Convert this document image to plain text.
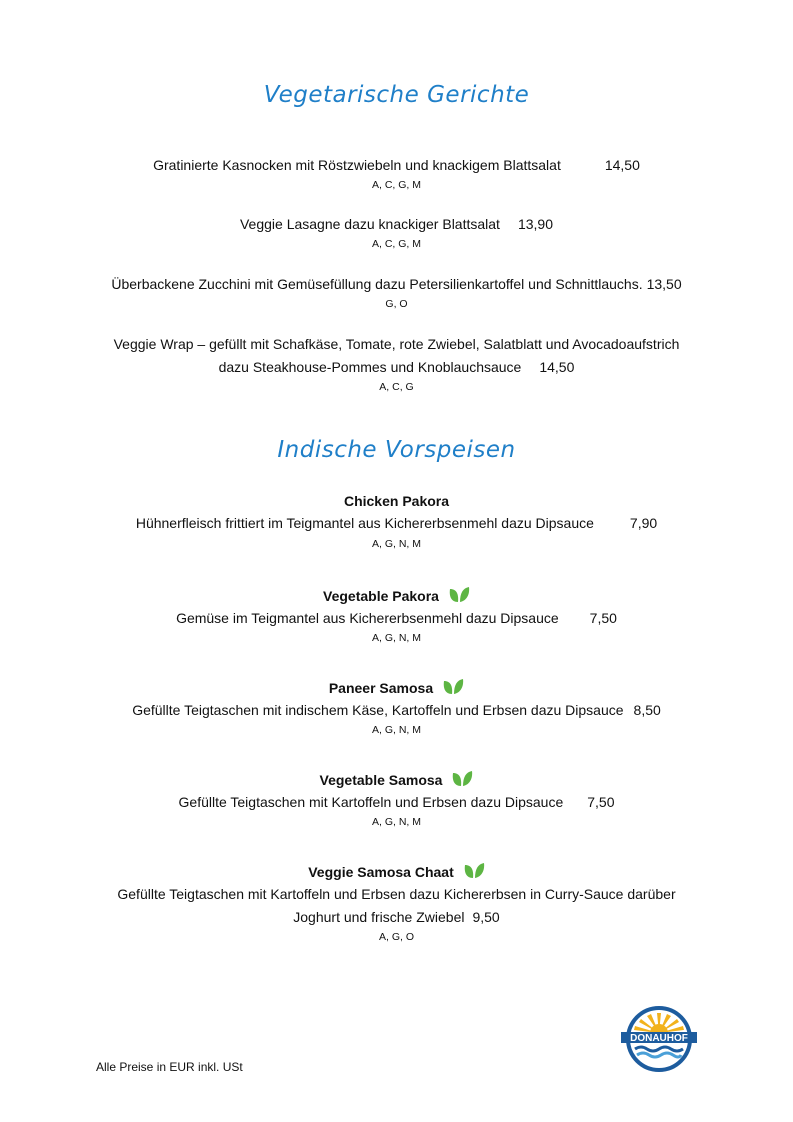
Vegetarische Gerichte
Gratinierte Kasnocken mit Röstzwiebeln und knackigem Blattsalat	14,50
A, C, G, M
Veggie Lasagne dazu knackiger Blattsalat 13,90
A, C, G, M
Überbackene Zucchini mit Gemüsefüllung dazu Petersilienkartoffel und Schnittlauchs. 13,50
G, O
Veggie Wrap – gefüllt mit Schafkäse, Tomate, rote Zwiebel, Salatblatt und Avocadoaufstrich
dazu Steakhouse-Pommes und Knoblauchsauce 14,50
A, C, G
Indische Vorspeisen
Chicken Pakora
Hühnerfleisch frittiert im Teigmantel aus Kichererbsenmehl dazu Dipsauce	7,90
A, G, N, M
Vegetable Pakora
Gemüse im Teigmantel aus Kichererbsenmehl dazu Dipsauce 7,50
A, G, N, M
Paneer Samosa
Gefüllte Teigtaschen mit indischem Käse, Kartoffeln und Erbsen dazu Dipsauce 8,50
A, G, N, M
Vegetable Samosa
Gefüllte Teigtaschen mit Kartoffeln und Erbsen dazu Dipsauce 7,50
A, G, N, M
Veggie Samosa Chaat
Gefüllte Teigtaschen mit Kartoffeln und Erbsen dazu Kichererbsen in Curry-Sauce darüber
Joghurt und frische Zwiebel 9,50
A, G, O
DONAUHOF
Alle Preise in EUR inkl. USt
